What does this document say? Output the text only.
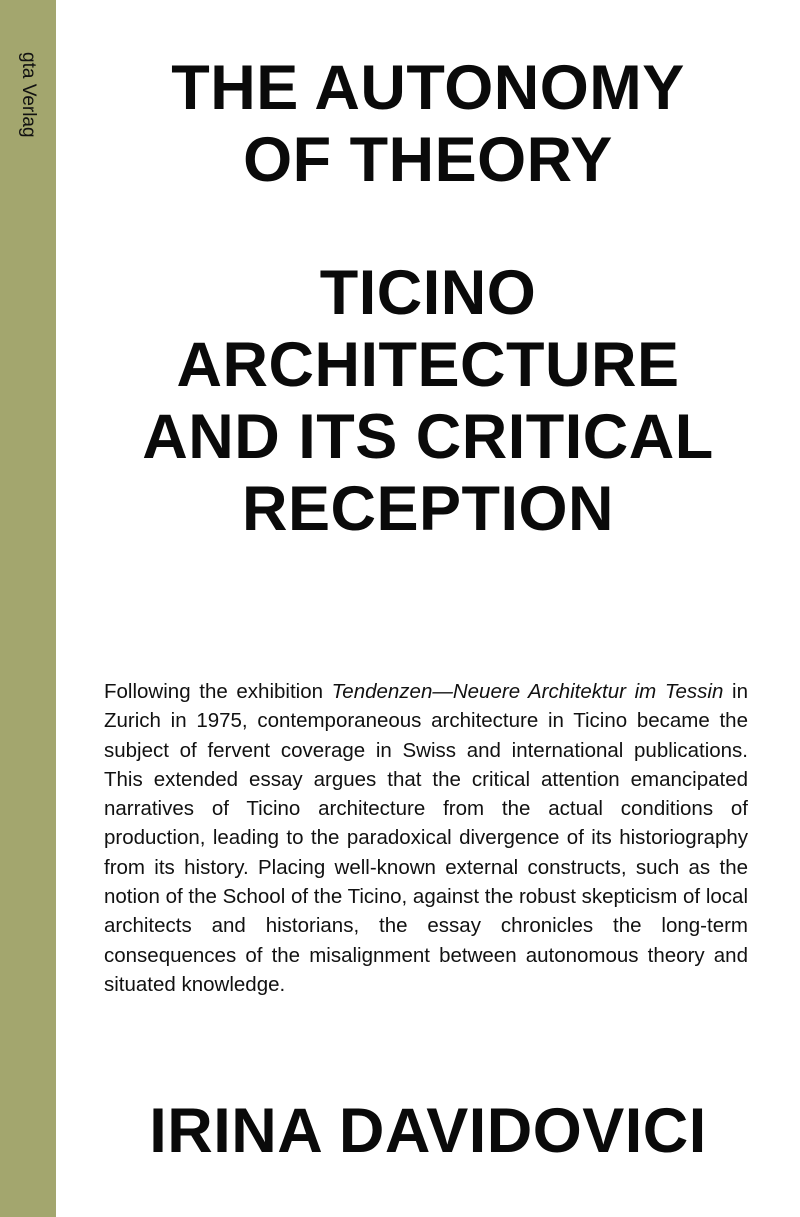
gta Verlag	THE AUTONOMY
OF THEORY
TICINO
ARCHITECTURE
AND ITS CRITICAL
RECEPTION

Following the exhibition Tendenzen—Neuere Architektur im Tessin in Zurich in 1975, contemporaneous architecture in Ticino became the subject of fervent coverage in Swiss and international publications. This extended essay argues that the critical attention emancipated narratives of Ticino architecture from the actual conditions of production, leading to the paradoxical divergence of its historiography from its history. Placing well-known external constructs, such as the notion of the School of the Ticino, against the robust skepticism of local architects and historians, the essay chronicles the long-term consequences of the misalignment between autonomous theory and situated knowledge.

IRINA DAVIDOVICI
